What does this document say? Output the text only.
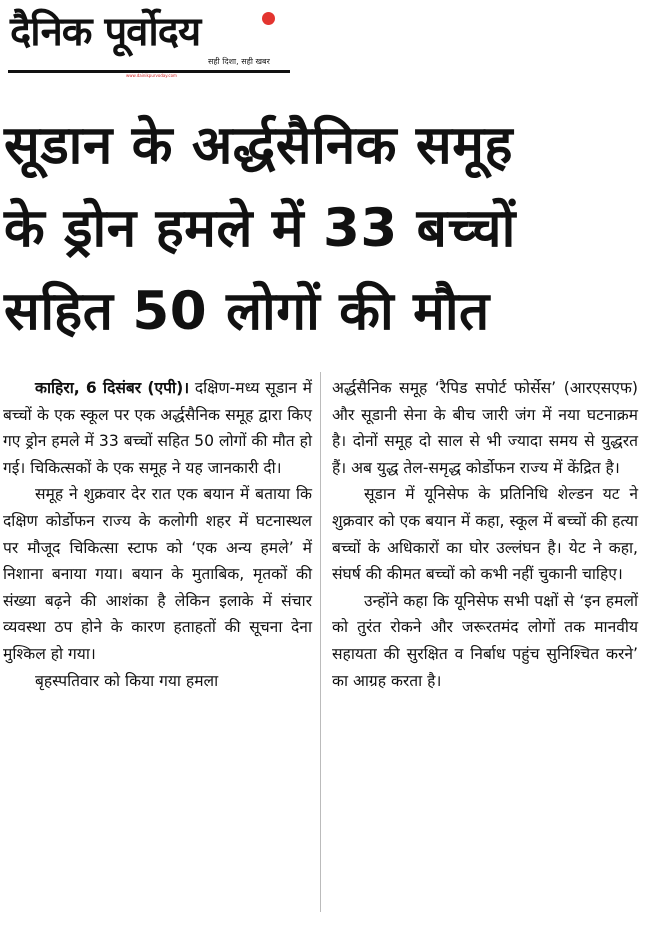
दैनिक पूर्वोदय
सही दिशा, सही खबर
www.dainikpurvoday.com
सूडान के अर्द्धसैनिक समूह
के ड्रोन हमले में 33 बच्चों
सहित 50 लोगों की मौत

काहिरा, 6 दिसंबर (एपी)। दक्षिण-मध्य सूडान में बच्चों के एक स्कूल पर एक अर्द्धसैनिक समूह द्वारा किए गए ड्रोन हमले में 33 बच्चों सहित 50 लोगों की मौत हो गई। चिकित्सकों के एक समूह ने यह जानकारी दी।

समूह ने शुक्रवार देर रात एक बयान में बताया कि दक्षिण कोर्डोफन राज्य के कलोगी शहर में घटनास्थल पर मौजूद चिकित्सा स्टाफ को ‘एक अन्य हमले’ में निशाना बनाया गया। बयान के मुताबिक, मृतकों की संख्या बढ़ने की आशंका है लेकिन इलाके में संचार व्यवस्था ठप होने के कारण हताहतों की सूचना देना मुश्किल हो गया।

बृहस्पतिवार को किया गया हमला

अर्द्धसैनिक समूह ‘रैपिड सपोर्ट फोर्सेस’ (आरएसएफ) और सूडानी सेना के बीच जारी जंग में नया घटनाक्रम है। दोनों समूह दो साल से भी ज्यादा समय से युद्धरत हैं। अब युद्ध तेल-समृद्ध कोर्डोफन राज्य में केंद्रित है।

सूडान में यूनिसेफ के प्रतिनिधि शेल्डन यट ने शुक्रवार को एक बयान में कहा, स्कूल में बच्चों की हत्या बच्चों के अधिकारों का घोर उल्लंघन है। येट ने कहा, संघर्ष की कीमत बच्चों को कभी नहीं चुकानी चाहिए।

उन्होंने कहा कि यूनिसेफ सभी पक्षों से ‘इन हमलों को तुरंत रोकने और जरूरतमंद लोगों तक मानवीय सहायता की सुरक्षित व निर्बाध पहुंच सुनिश्चित करने’ का आग्रह करता है।
